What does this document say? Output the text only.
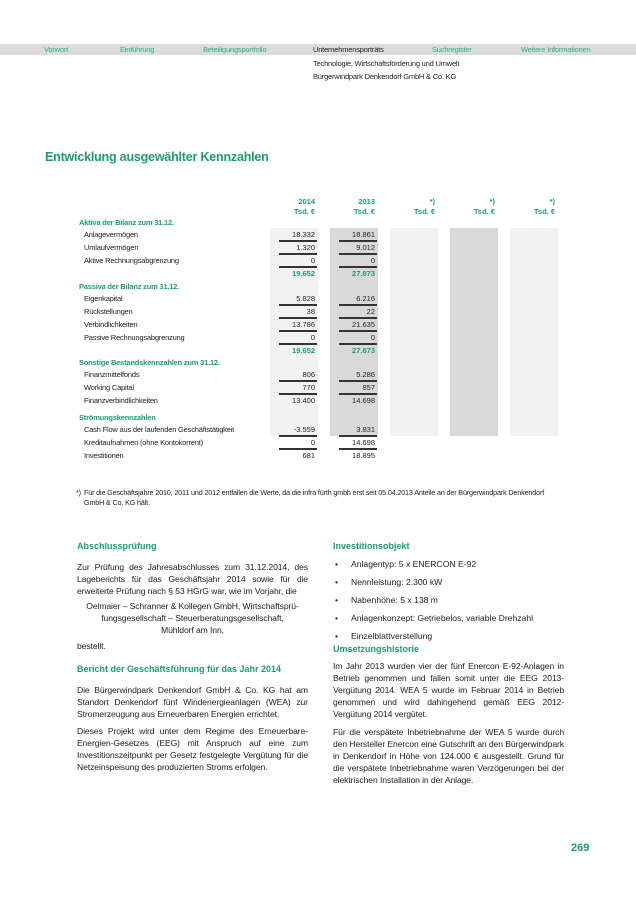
Vorwort	Einführung	Beteiligungsportfolio	Unternehmensporträts	Suchregister	Weitere Informationen
Technologie, Wirtschaftsförderung und Umwelt
Bürgerwindpark Denkendorf GmbH & Co. KG
Entwicklung ausgewählter Kennzahlen
2014
Tsd. €
2013
Tsd. €
*)
Tsd. €
*)
Tsd. €
*)
Tsd. €
Aktiva der Bilanz zum 31.12.
Anlagevermögen	18.332	18.861
Umlaufvermögen	1.320	9.012
Aktive Rechnungsabgrenzung	0	0
19.652	27.873
Passiva der Bilanz zum 31.12.
Eigenkapital	5.828	6.216
Rückstellungen	38	22
Verbindlichkeiten	13.786	21.635
Passive Rechnungsabgrenzung	0	0
19.652	27.873
Sonstige Bestandskennzahlen zum 31.12.
Finanzmittelfonds	806	5.286
Working Capital	770	857
Finanzverbindlichkeiten	13.400	14.698
Strömungskennzahlen
Cash Flow aus der laufenden Geschäftstätigkeit	-3.559	3.831
Kreditaufnahmen (ohne Kontokorrent)	0	14.698
Investitionen	681	18.895
*) Für die Geschäftsjahre 2010, 2011 und 2012 entfallen die Werte, da die infra fürth gmbh erst seit 05.04.2013 Anteile an der Bürgerwindpark Denkendorf GmbH & Co. KG hält.
Abschlussprüfung
Zur Prüfung des Jahresabschlusses zum 31.12.2014, des Lageberichts für das Geschäftsjahr 2014 sowie für die erweiterte Prüfung nach § 53 HGrG war, wie im Vorjahr, die
Oelmaier – Schranner & Kollegen GmbH, Wirtschaftsprü-
fungsgesellschaft – Steuerberatungsgesellschaft,
Mühldorf am Inn,
bestellt.
Bericht der Geschäftsführung für das Jahr 2014
Die Bürgerwindpark Denkendorf GmbH & Co. KG hat am Standort Denkendorf fünf Windenergieanlagen (WEA) zur Stromerzeugung aus Erneuerbaren Energien errichtet.
Dieses Projekt wird unter dem Regime des Erneuerbare-Energien-Gesetzes (EEG) mit Anspruch auf eine zum Investitionszeitpunkt per Gesetz festgelegte Vergütung für die Netzeinspeisung des produzierten Stroms erfolgen.
Investitionsobjekt
• Anlagentyp: 5 x ENERCON E-92
• Nennleistung: 2.300 kW
• Nabenhöhe: 5 x 138 m
• Anlagenkonzept: Getriebelos, variable Drehzahl
• Einzelblattverstellung
Umsetzungshistorie
Im Jahr 2013 wurden vier der fünf Enercon E-92-Anlagen in Betrieb genommen und fallen somit unter die EEG 2013-Vergütung 2014. WEA 5 wurde im Februar 2014 in Betrieb genommen und wird dahingehend gemäß EEG 2012-Vergütung 2014 vergütet.
Für die verspätete Inbetriebnahme der WEA 5 wurde durch den Hersteller Enercon eine Gutschrift an den Bürgerwindpark in Denkendorf in Höhe von 124.000 € ausgestellt. Grund für die verspätete Inbetriebnahme waren Verzögerungen bei der elektrischen Installation in der Anlage.
269
